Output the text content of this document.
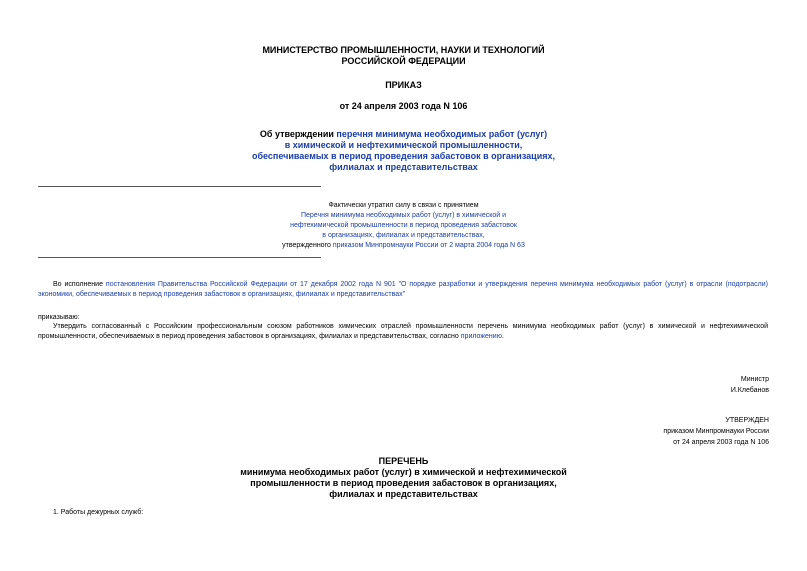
МИНИСТЕРСТВО ПРОМЫШЛЕННОСТИ, НАУКИ И ТЕХНОЛОГИЙ
РОССИЙСКОЙ ФЕДЕРАЦИИ
ПРИКАЗ
от 24 апреля 2003 года N 106
Об утверждении перечня минимума необходимых работ (услуг)
в химической и нефтехимической промышленности,
обеспечиваемых в период проведения забастовок в организациях,
филиалах и представительствах
Фактически утратил силу в связи с принятием
Перечня минимума необходимых работ (услуг) в химической и
нефтехимической промышленности в период проведения забастовок
в организациях, филиалах и представительствах,
утвержденного приказом Минпромнауки России от 2 марта 2004 года N 63
Во исполнение постановления Правительства Российской Федерации от 17 декабря 2002 года N 901 "О порядке разработки и утверждения перечня минимума необходимых работ (услуг) в отрасли (подотрасли) экономики, обеспечиваемых в период проведения забастовок в организациях, филиалах и представительствах"
приказываю:
Утвердить согласованный с Российским профессиональным союзом работников химических отраслей промышленности перечень минимума необходимых работ (услуг) в химической и нефтехимической промышленности, обеспечиваемых в период проведения забастовок в организациях, филиалах и представительствах, согласно приложению.
Министр
И.Клебанов
УТВЕРЖДЕН
приказом Минпромнауки России
от 24 апреля 2003 года N 106
ПЕРЕЧЕНЬ
минимума необходимых работ (услуг) в химической и нефтехимической
промышленности в период проведения забастовок в организациях,
филиалах и представительствах
1. Работы дежурных служб:
